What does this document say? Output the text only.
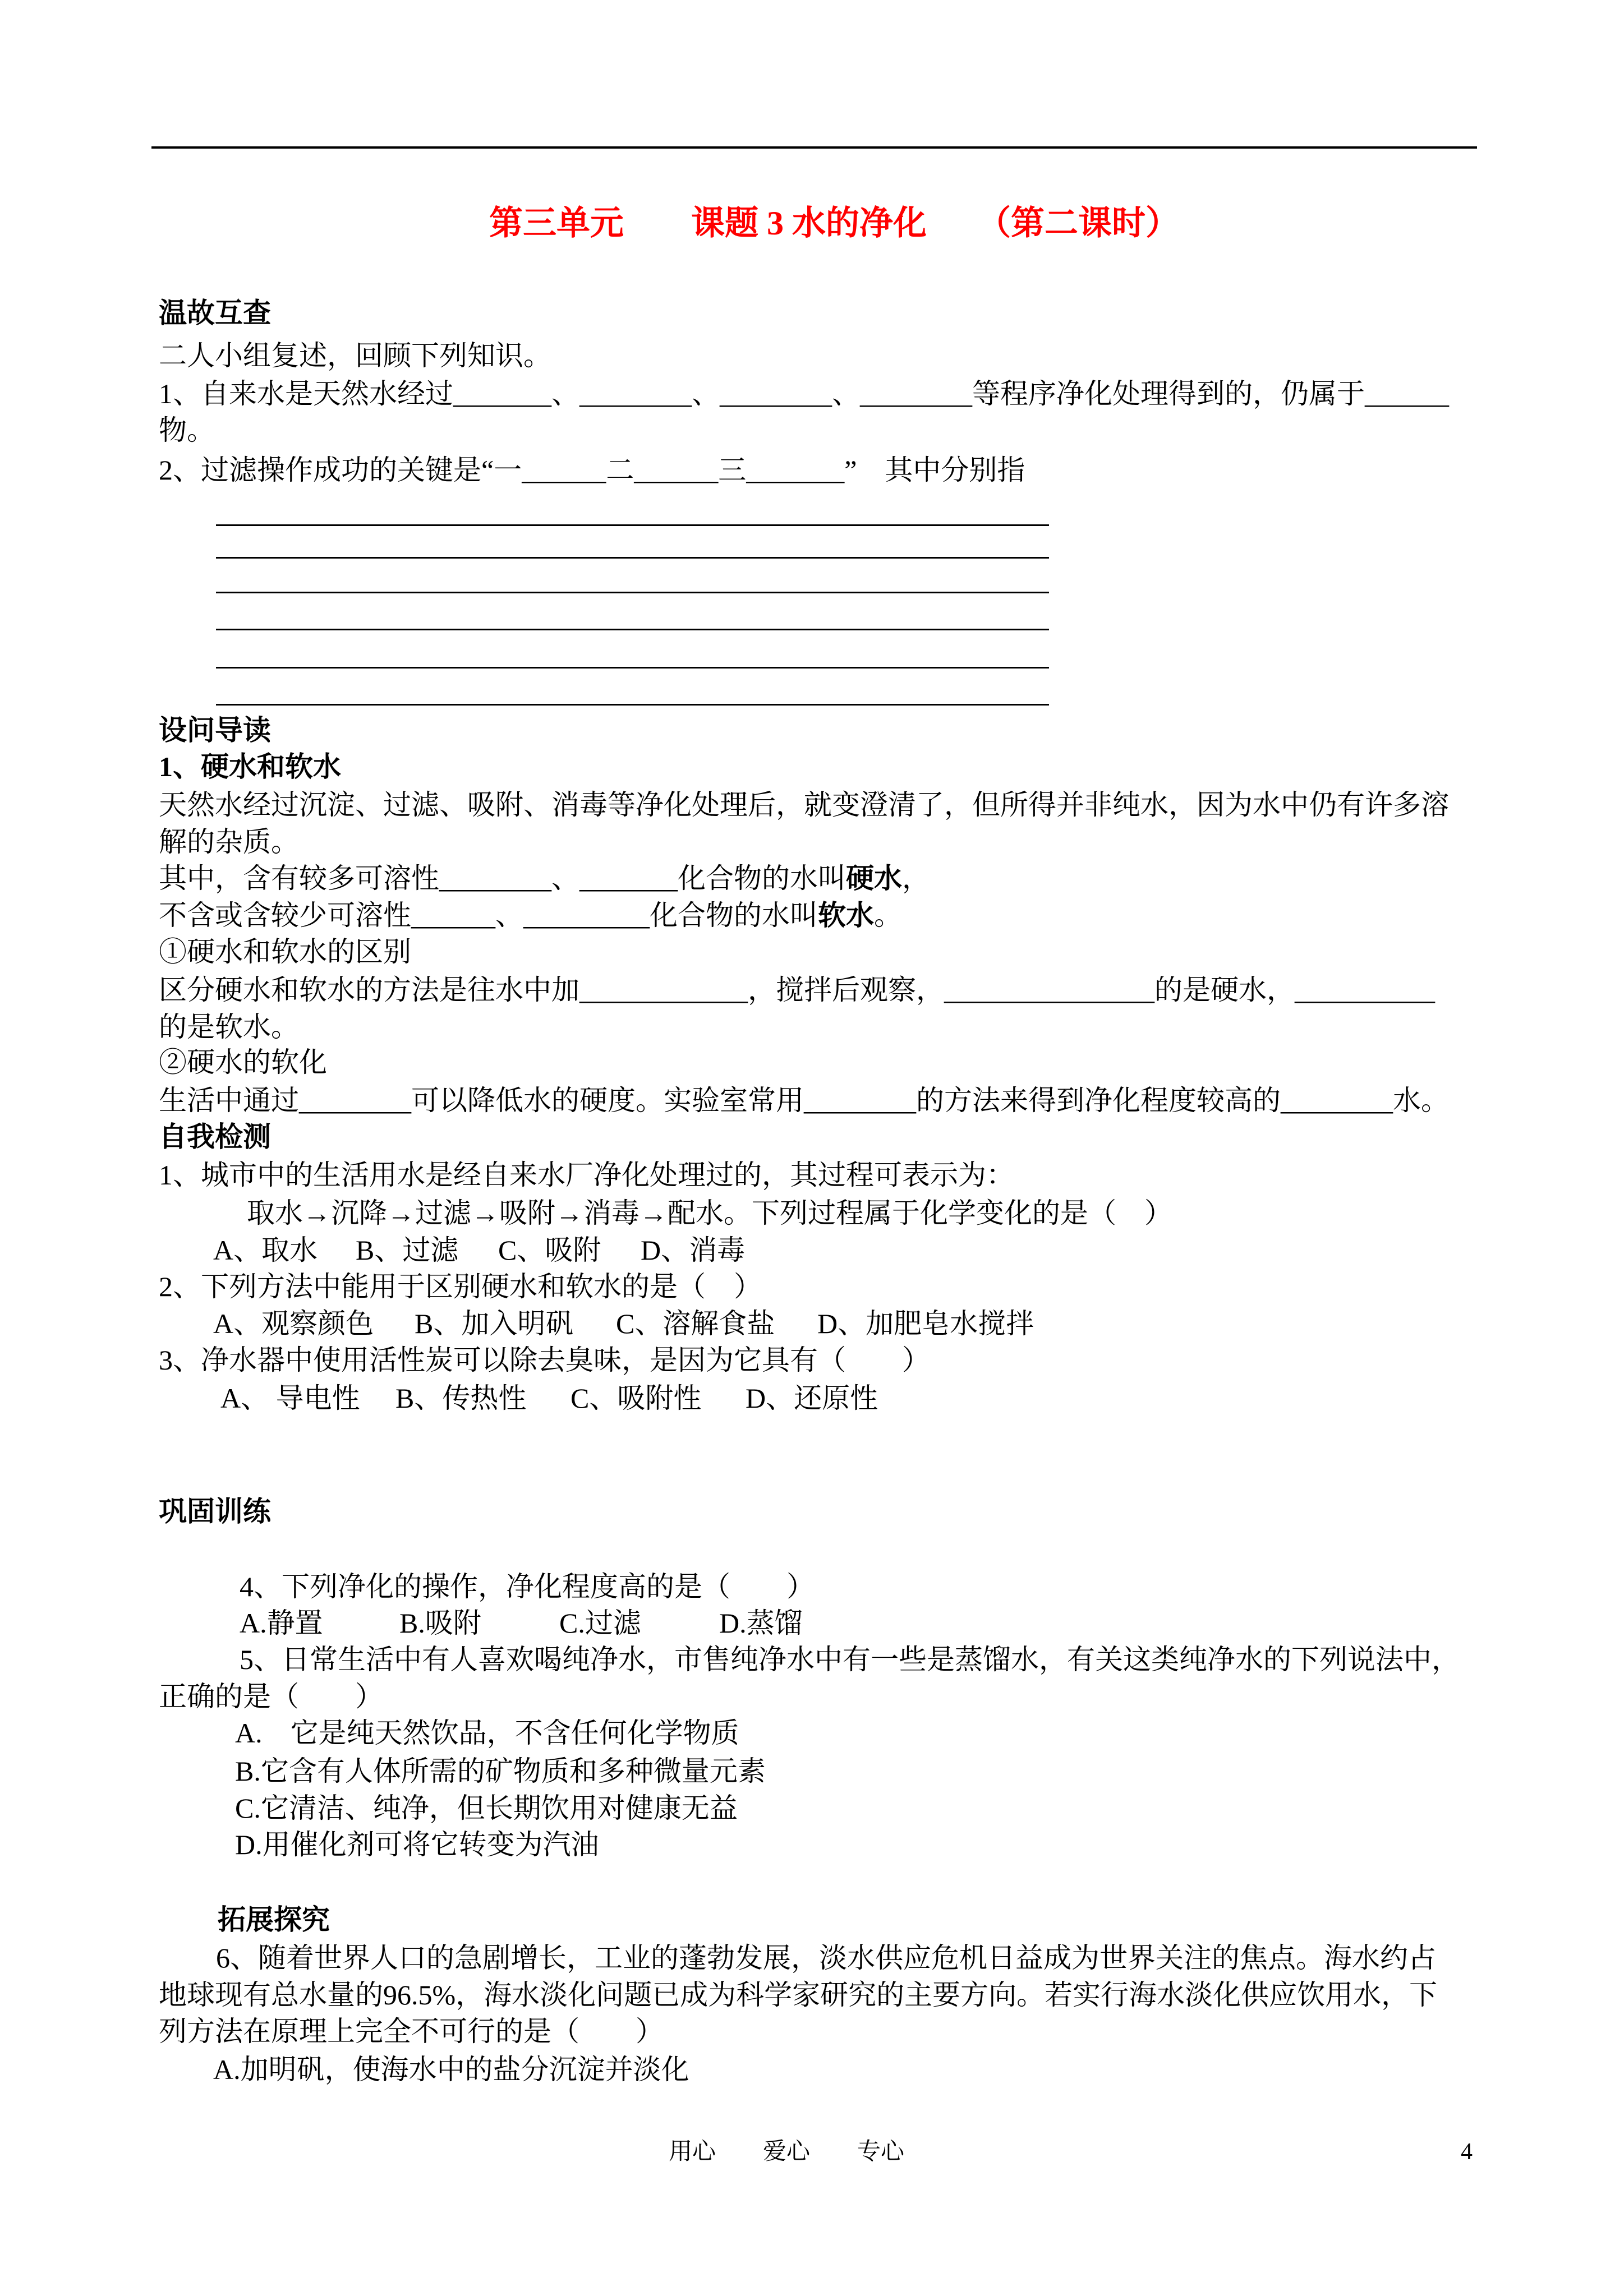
第三单元　　课题 3 水的净化　　（第二课时）
温故互查
二人小组复述，回顾下列知识。
1、自来水是天然水经过_______、________、________、________等程序净化处理得到的，仍属于______
物。
2、过滤操作成功的关键是“一______二______三_______”　其中分别指
设问导读
1、硬水和软水
天然水经过沉淀、过滤、吸附、消毒等净化处理后，就变澄清了，但所得并非纯水，因为水中仍有许多溶
解的杂质。
其中，含有较多可溶性________、_______化合物的水叫硬水，
不含或含较少可溶性______、_________化合物的水叫软水。
①硬水和软水的区别
区分硬水和软水的方法是往水中加____________，搅拌后观察，_______________的是硬水，__________
的是软水。
②硬水的软化
生活中通过________可以降低水的硬度。实验室常用________的方法来得到净化程度较高的________水。
自我检测
1、城市中的生活用水是经自来水厂净化处理过的，其过程可表示为：
取水→沉降→过滤→吸附→消毒→配水。下列过程属于化学变化的是（　）
A、取水 B、过滤 C、吸附 D、消毒
2、下列方法中能用于区别硬水和软水的是（　）
A、观察颜色 B、加入明矾 C、溶解食盐 D、加肥皂水搅拌
3、净水器中使用活性炭可以除去臭味，是因为它具有（　　）
A、 导电性 B、传热性 C、吸附性 D、还原性
巩固训练
4、下列净化的操作，净化程度高的是（　　）
A.静置	B.吸附	C.过滤	D.蒸馏
5、日常生活中有人喜欢喝纯净水，市售纯净水中有一些是蒸馏水，有关这类纯净水的下列说法中，
正确的是（　　）
A.　它是纯天然饮品，不含任何化学物质
B.它含有人体所需的矿物质和多种微量元素
C.它清洁、纯净，但长期饮用对健康无益
D.用催化剂可将它转变为汽油
拓展探究
6、随着世界人口的急剧增长，工业的蓬勃发展，淡水供应危机日益成为世界关注的焦点。海水约占
地球现有总水量的96.5%，海水淡化问题已成为科学家研究的主要方向。若实行海水淡化供应饮用水，下
列方法在原理上完全不可行的是（　　）
A.加明矾，使海水中的盐分沉淀并淡化
用心　　爱心　　专心	4
